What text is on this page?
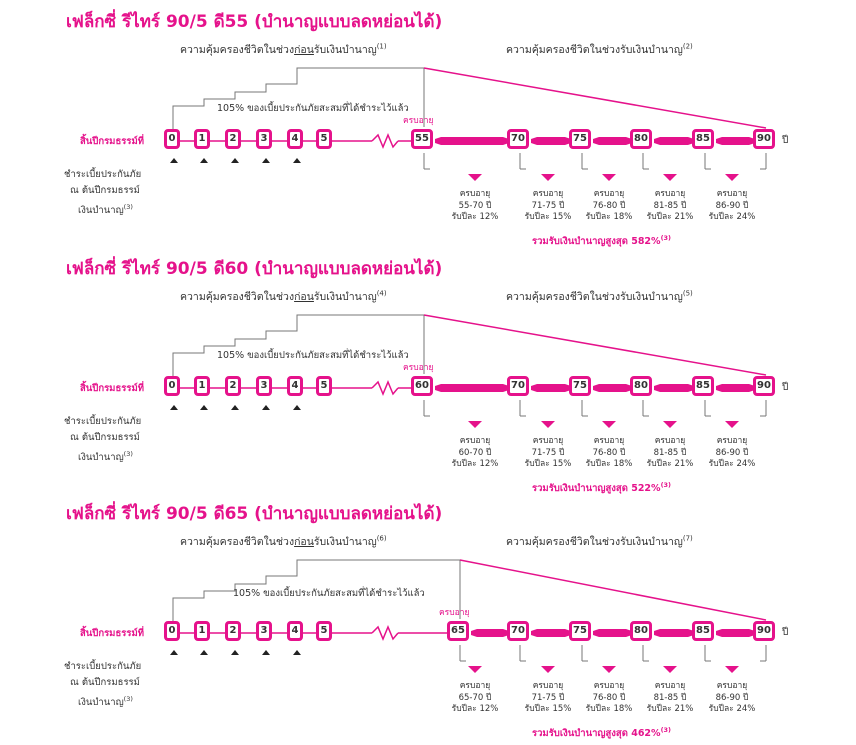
เฟล็กซี่ รีไทร์ 90/5 ดี55 (บำนาญแบบลดหย่อนได้)
ความคุ้มครองชีวิตในช่วงก่อนรับเงินบำนาญ$^{(1)}$	ความคุ้มครองชีวิตในช่วงรับเงินบำนาญ$^{(2)}$
105% ของเบี้ยประกันภัยสะสมที่ได้ชำระไว้แล้ว
สิ้นปีกรมธรรม์ที่
ชำระเบี้ยประกันภัย
ณ ต้นปีกรมธรรม์
เงินบำนาญ$^{(3)}$
0	1	2	3	4	5
ครบอายุ
55	70	75	80	85	90	ปี
ครบอายุ
55-70 ปี
รับปีละ 12%
ครบอายุ
71-75 ปี
รับปีละ 15%
ครบอายุ
76-80 ปี
รับปีละ 18%
ครบอายุ
81-85 ปี
รับปีละ 21%
ครบอายุ
86-90 ปี
รับปีละ 24%
รวมรับเงินบำนาญสูงสุด 582%$^{(3)}$
เฟล็กซี่ รีไทร์ 90/5 ดี60 (บำนาญแบบลดหย่อนได้)
ความคุ้มครองชีวิตในช่วงก่อนรับเงินบำนาญ$^{(4)}$	ความคุ้มครองชีวิตในช่วงรับเงินบำนาญ$^{(5)}$
105% ของเบี้ยประกันภัยสะสมที่ได้ชำระไว้แล้ว
สิ้นปีกรมธรรม์ที่
ชำระเบี้ยประกันภัย
ณ ต้นปีกรมธรรม์
เงินบำนาญ$^{(3)}$
0	1	2	3	4	5
ครบอายุ
60	70	75	80	85	90	ปี
ครบอายุ
60-70 ปี
รับปีละ 12%
ครบอายุ
71-75 ปี
รับปีละ 15%
ครบอายุ
76-80 ปี
รับปีละ 18%
ครบอายุ
81-85 ปี
รับปีละ 21%
ครบอายุ
86-90 ปี
รับปีละ 24%
รวมรับเงินบำนาญสูงสุด 522%$^{(3)}$
เฟล็กซี่ รีไทร์ 90/5 ดี65 (บำนาญแบบลดหย่อนได้)
ความคุ้มครองชีวิตในช่วงก่อนรับเงินบำนาญ$^{(6)}$	ความคุ้มครองชีวิตในช่วงรับเงินบำนาญ$^{(7)}$
105% ของเบี้ยประกันภัยสะสมที่ได้ชำระไว้แล้ว
สิ้นปีกรมธรรม์ที่
ชำระเบี้ยประกันภัย
ณ ต้นปีกรมธรรม์
เงินบำนาญ$^{(3)}$
0	1	2	3	4	5
ครบอายุ
65	70	75	80	85	90	ปี
ครบอายุ
65-70 ปี
รับปีละ 12%
ครบอายุ
71-75 ปี
รับปีละ 15%
ครบอายุ
76-80 ปี
รับปีละ 18%
ครบอายุ
81-85 ปี
รับปีละ 21%
ครบอายุ
86-90 ปี
รับปีละ 24%
รวมรับเงินบำนาญสูงสุด 462%$^{(3)}$
